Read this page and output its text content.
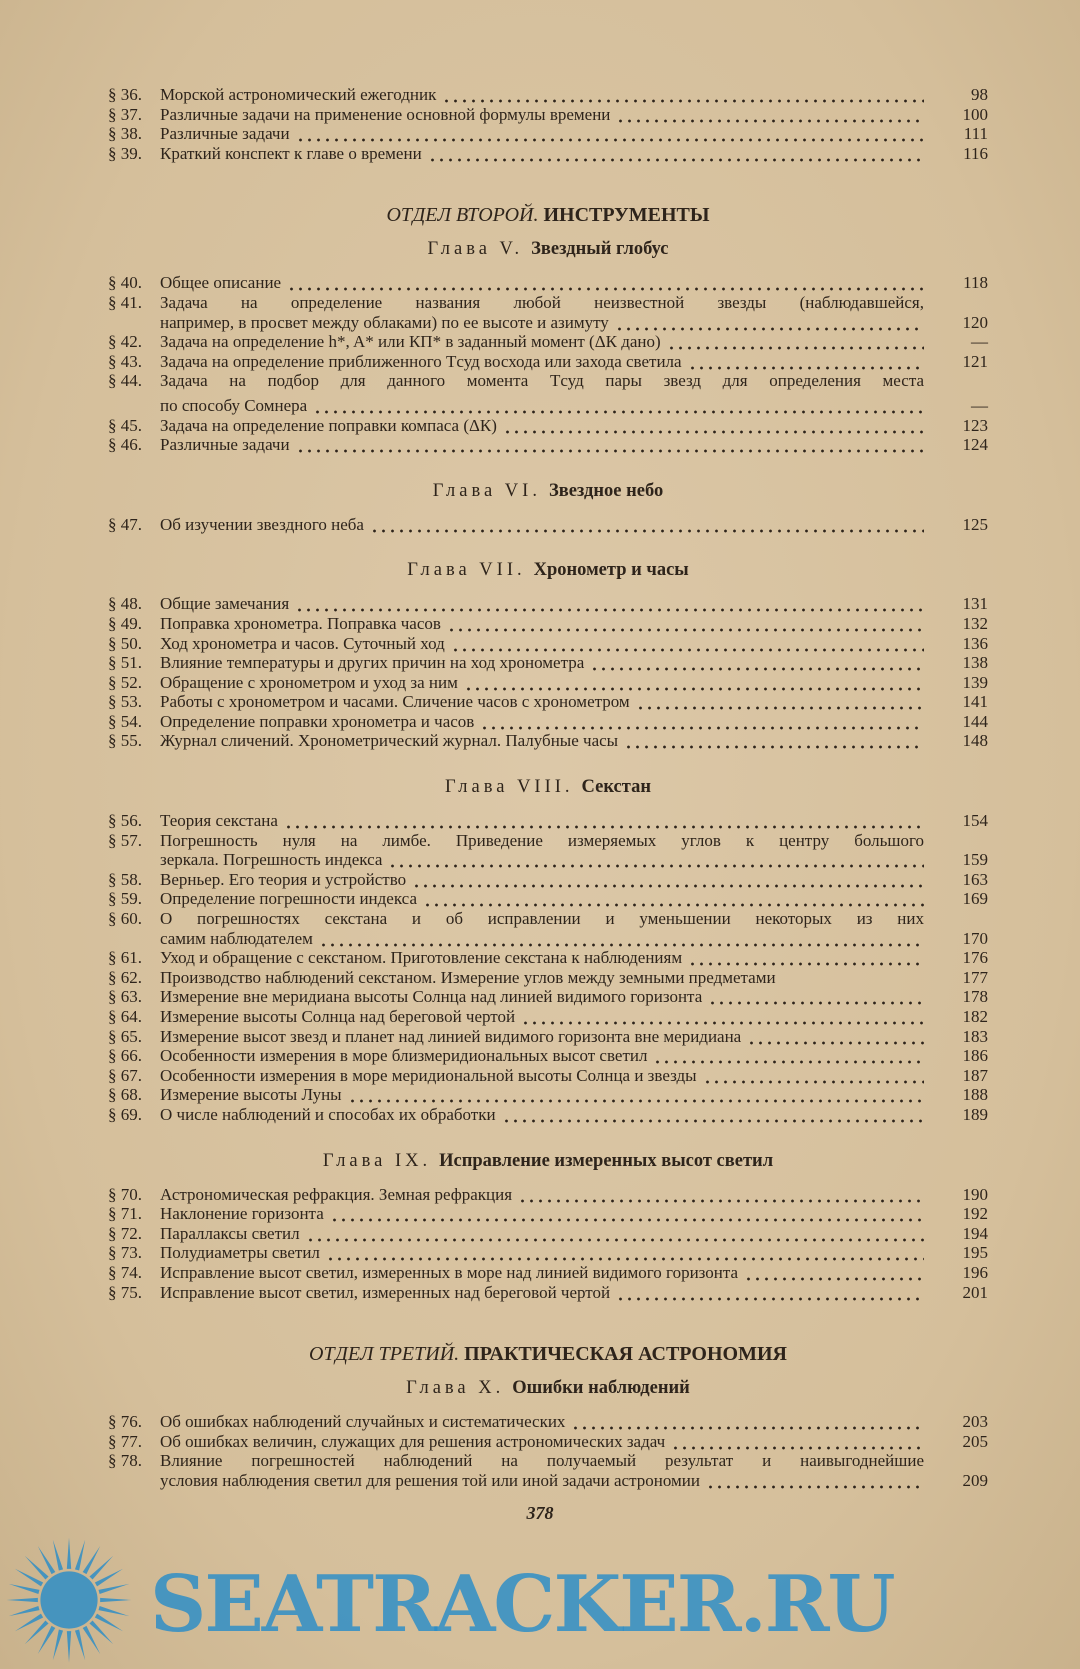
§ 36.	Морской астрономический ежегодник	98
§ 37.	Различные задачи на применение основной формулы времени	100
§ 38.	Различные задачи	111
§ 39.	Краткий конспект к главе о времени	116
ОТДЕЛ ВТОРОЙ. ИНСТРУМЕНТЫ
Глава V. Звездный глобус
§ 40.	Общее описание	118
§ 41.	Задача на определение названия любой неизвестной звезды (наблюдавшейся,
например, в просвет между облаками) по ее высоте и азимуту	120
§ 42.	Задача на определение h*, A* или КП* в заданный момент (ΔК дано)	—
§ 43.	Задача на определение приближенного Tсуд восхода или захода светила	121
§ 44.	Задача на подбор для данного момента Tсуд пары звезд для определения места
по способу Сомнера	—
§ 45.	Задача на определение поправки компаса (ΔК)	123
§ 46.	Различные задачи	124
Глава VI. Звездное небо
§ 47.	Об изучении звездного неба	125
Глава VII. Хронометр и часы
§ 48.	Общие замечания	131
§ 49.	Поправка хронометра. Поправка часов	132
§ 50.	Ход хронометра и часов. Суточный ход	136
§ 51.	Влияние температуры и других причин на ход хронометра	138
§ 52.	Обращение с хронометром и уход за ним	139
§ 53.	Работы с хронометром и часами. Сличение часов с хронометром	141
§ 54.	Определение поправки хронометра и часов	144
§ 55.	Журнал сличений. Хронометрический журнал. Палубные часы	148
Глава VIII. Секстан
§ 56.	Теория секстана	154
§ 57.	Погрешность нуля на лимбе. Приведение измеряемых углов к центру большого
зеркала. Погрешность индекса	159
§ 58.	Верньер. Его теория и устройство	163
§ 59.	Определение погрешности индекса	169
§ 60.	О погрешностях секстана и об исправлении и уменьшении некоторых из них
самим наблюдателем	170
§ 61.	Уход и обращение с секстаном. Приготовление секстана к наблюдениям	176
§ 62.	Производство наблюдений секстаном. Измерение углов между земными предметами	177
§ 63.	Измерение вне меридиана высоты Солнца над линией видимого горизонта	178
§ 64.	Измерение высоты Солнца над береговой чертой	182
§ 65.	Измерение высот звезд и планет над линией видимого горизонта вне меридиана	183
§ 66.	Особенности измерения в море близмеридиональных высот светил	186
§ 67.	Особенности измерения в море меридиональной высоты Солнца и звезды	187
§ 68.	Измерение высоты Луны	188
§ 69.	О числе наблюдений и способах их обработки	189
Глава IX. Исправление измеренных высот светил
§ 70.	Астрономическая рефракция. Земная рефракция	190
§ 71.	Наклонение горизонта	192
§ 72.	Параллаксы светил	194
§ 73.	Полудиаметры светил	195
§ 74.	Исправление высот светил, измеренных в море над линией видимого горизонта	196
§ 75.	Исправление высот светил, измеренных над береговой чертой	201
ОТДЕЛ ТРЕТИЙ. ПРАКТИЧЕСКАЯ АСТРОНОМИЯ
Глава X. Ошибки наблюдений
§ 76.	Об ошибках наблюдений случайных и систематических	203
§ 77.	Об ошибках величин, служащих для решения астрономических задач	205
§ 78.	Влияние погрешностей наблюдений на получаемый результат и наивыгоднейшие
условия наблюдения светил для решения той или иной задачи астрономии	209
378
SEATRACKER.RU
